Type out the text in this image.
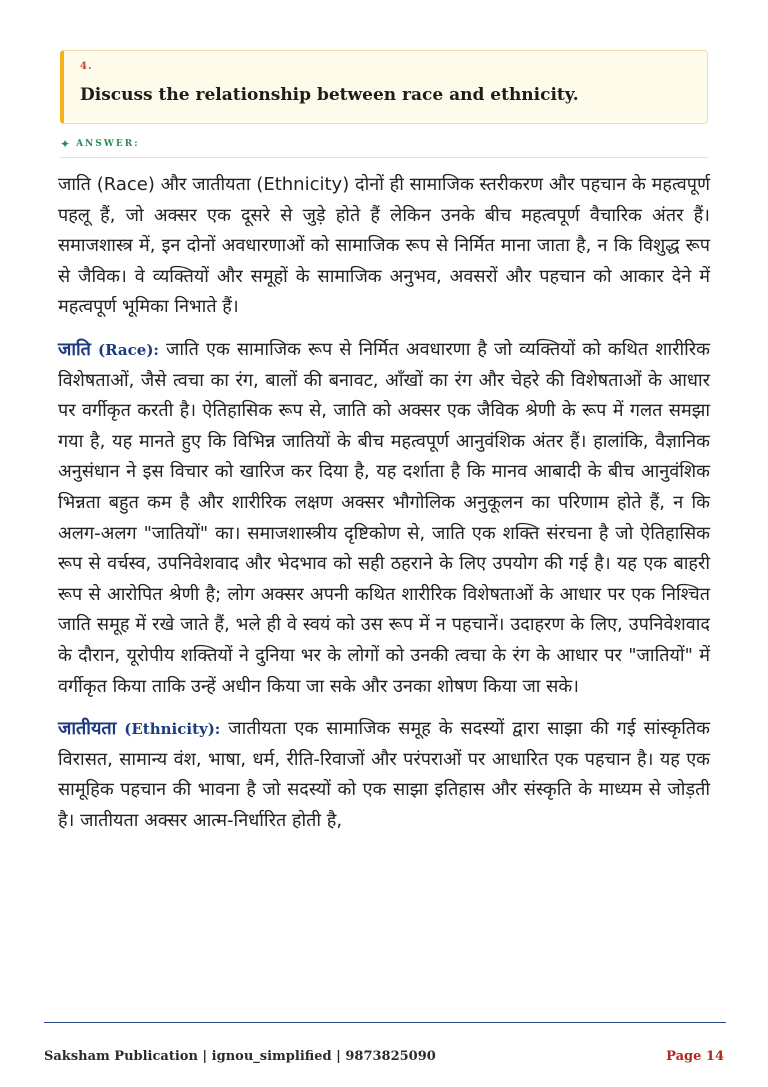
4.
Discuss the relationship between race and ethnicity.
✦ ANSWER:

जाति (Race) और जातीयता (Ethnicity) दोनों ही सामाजिक स्तरीकरण और पहचान के महत्वपूर्ण पहलू हैं, जो अक्सर एक दूसरे से जुड़े होते हैं लेकिन उनके बीच महत्वपूर्ण वैचारिक अंतर हैं। समाजशास्त्र में, इन दोनों अवधारणाओं को सामाजिक रूप से निर्मित माना जाता है, न कि विशुद्ध रूप से जैविक। वे व्यक्तियों और समूहों के सामाजिक अनुभव, अवसरों और पहचान को आकार देने में महत्वपूर्ण भूमिका निभाते हैं।

जाति (Race): जाति एक सामाजिक रूप से निर्मित अवधारणा है जो व्यक्तियों को कथित शारीरिक विशेषताओं, जैसे त्वचा का रंग, बालों की बनावट, आँखों का रंग और चेहरे की विशेषताओं के आधार पर वर्गीकृत करती है। ऐतिहासिक रूप से, जाति को अक्सर एक जैविक श्रेणी के रूप में गलत समझा गया है, यह मानते हुए कि विभिन्न जातियों के बीच महत्वपूर्ण आनुवंशिक अंतर हैं। हालांकि, वैज्ञानिक अनुसंधान ने इस विचार को खारिज कर दिया है, यह दर्शाता है कि मानव आबादी के बीच आनुवंशिक भिन्नता बहुत कम है और शारीरिक लक्षण अक्सर भौगोलिक अनुकूलन का परिणाम होते हैं, न कि अलग-अलग "जातियों" का। समाजशास्त्रीय दृष्टिकोण से, जाति एक शक्ति संरचना है जो ऐतिहासिक रूप से वर्चस्व, उपनिवेशवाद और भेदभाव को सही ठहराने के लिए उपयोग की गई है। यह एक बाहरी रूप से आरोपित श्रेणी है; लोग अक्सर अपनी कथित शारीरिक विशेषताओं के आधार पर एक निश्चित जाति समूह में रखे जाते हैं, भले ही वे स्वयं को उस रूप में न पहचानें। उदाहरण के लिए, उपनिवेशवाद के दौरान, यूरोपीय शक्तियों ने दुनिया भर के लोगों को उनकी त्वचा के रंग के आधार पर "जातियों" में वर्गीकृत किया ताकि उन्हें अधीन किया जा सके और उनका शोषण किया जा सके।

जातीयता (Ethnicity): जातीयता एक सामाजिक समूह के सदस्यों द्वारा साझा की गई सांस्कृतिक विरासत, सामान्य वंश, भाषा, धर्म, रीति-रिवाजों और परंपराओं पर आधारित एक पहचान है। यह एक सामूहिक पहचान की भावना है जो सदस्यों को एक साझा इतिहास और संस्कृति के माध्यम से जोड़ती है। जातीयता अक्सर आत्म-निर्धारित होती है,

Saksham Publication | ignou_simplified | 9873825090	Page 14
